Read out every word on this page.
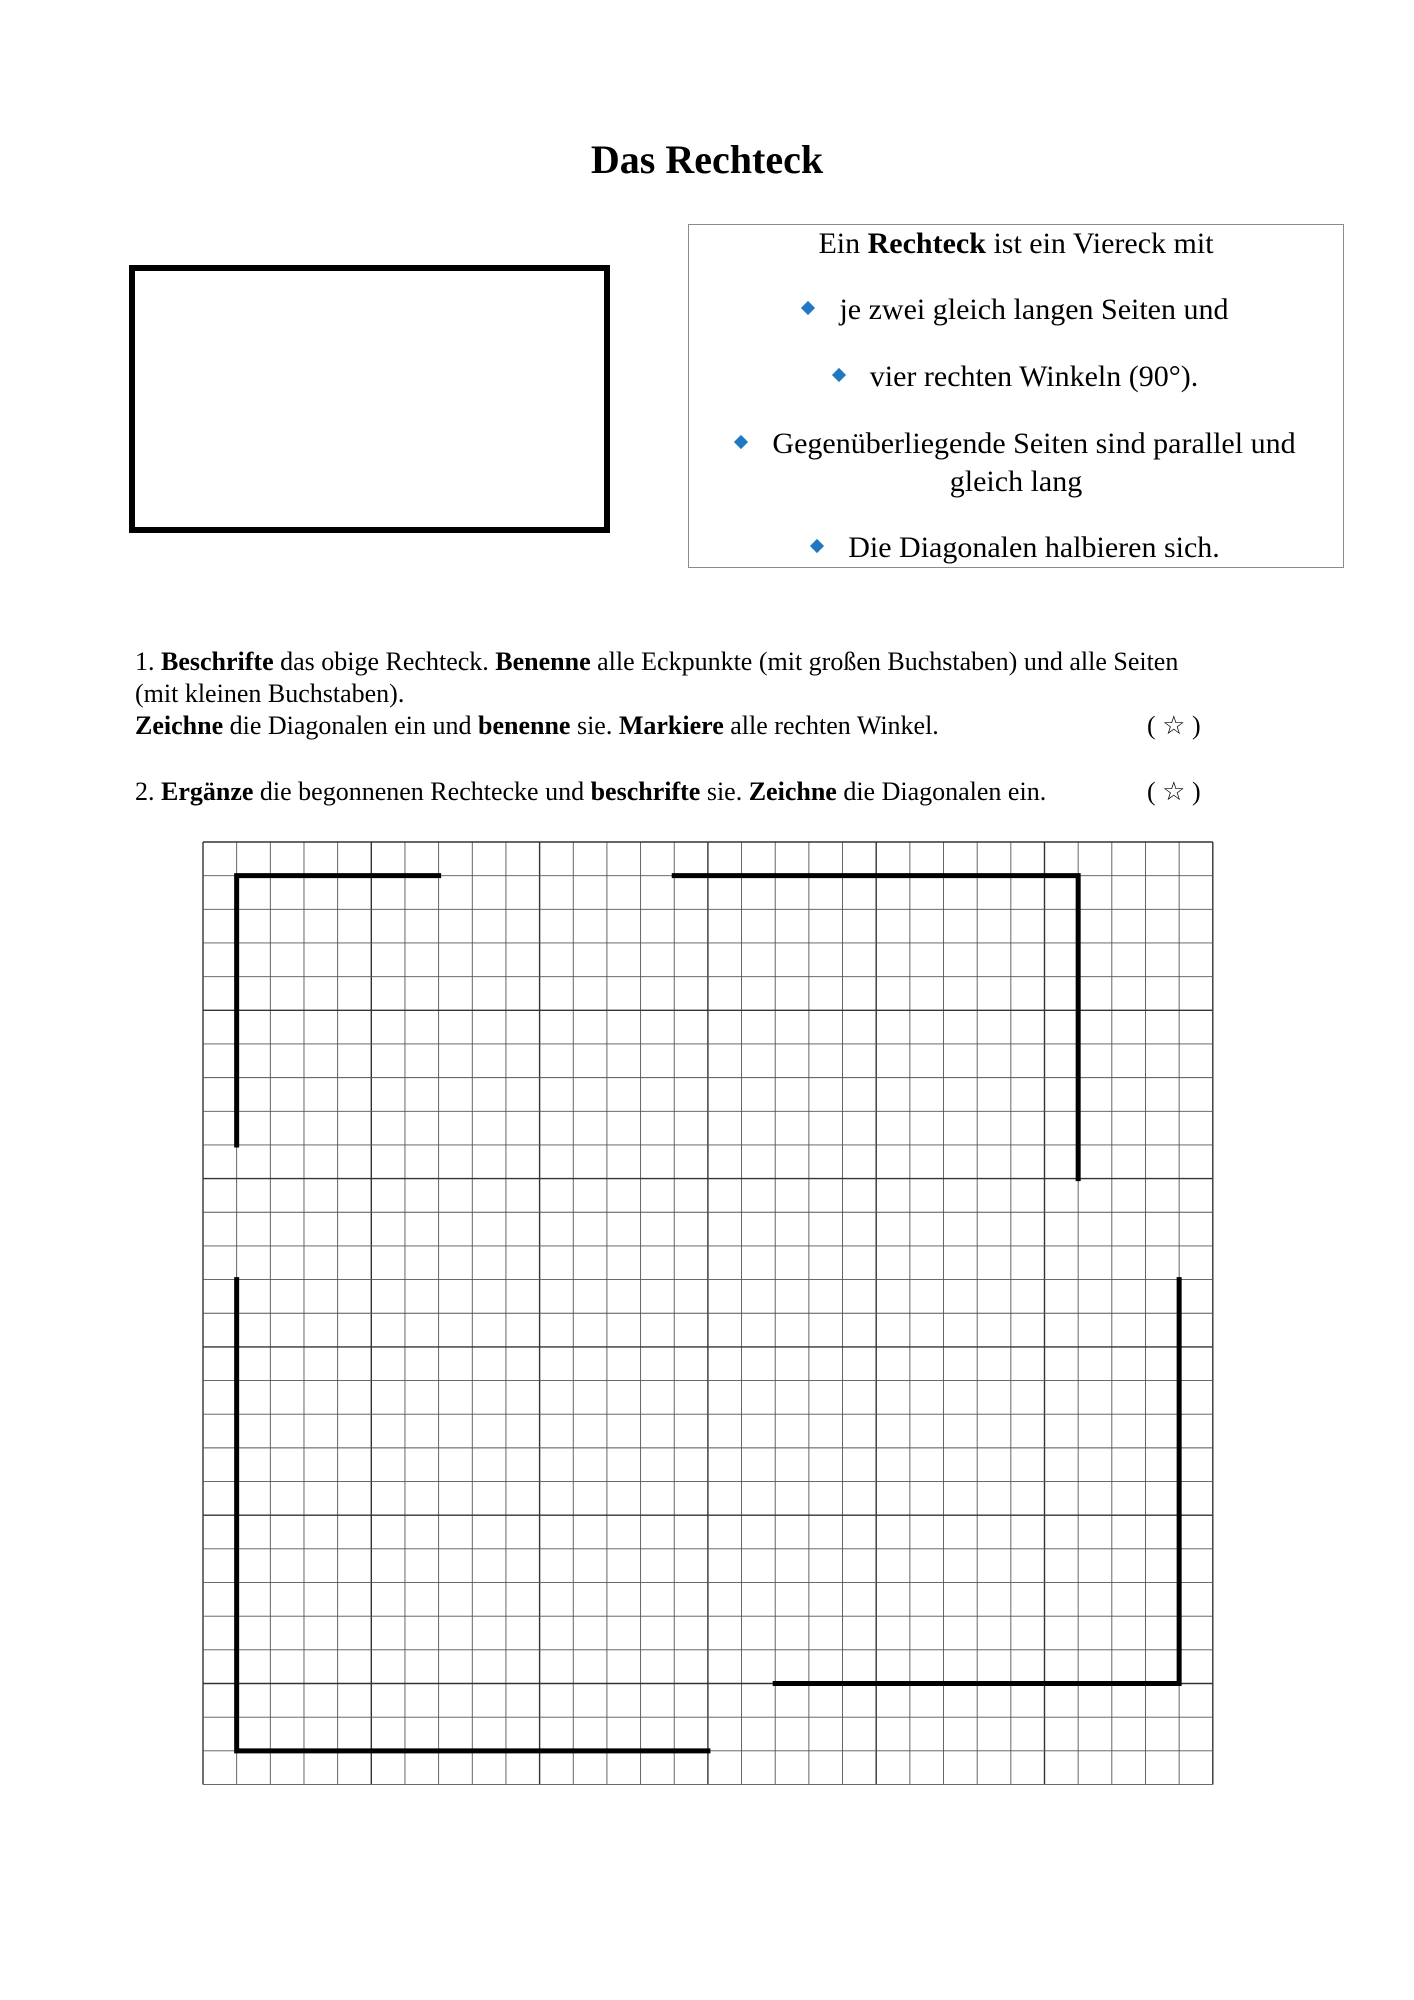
Das Rechteck
Ein Rechteck ist ein Viereck mit
je zwei gleich langen Seiten und
vier rechten Winkeln (90°).
Gegenüberliegende Seiten sind parallel und
gleich lang
Die Diagonalen halbieren sich.
1. Beschrifte das obige Rechteck. Benenne alle Eckpunkte (mit großen Buchstaben) und alle Seiten
(mit kleinen Buchstaben).
Zeichne die Diagonalen ein und benenne sie. Markiere alle rechten Winkel.	( ☆ )
2. Ergänze die begonnenen Rechtecke und beschrifte sie. Zeichne die Diagonalen ein.	( ☆ )
